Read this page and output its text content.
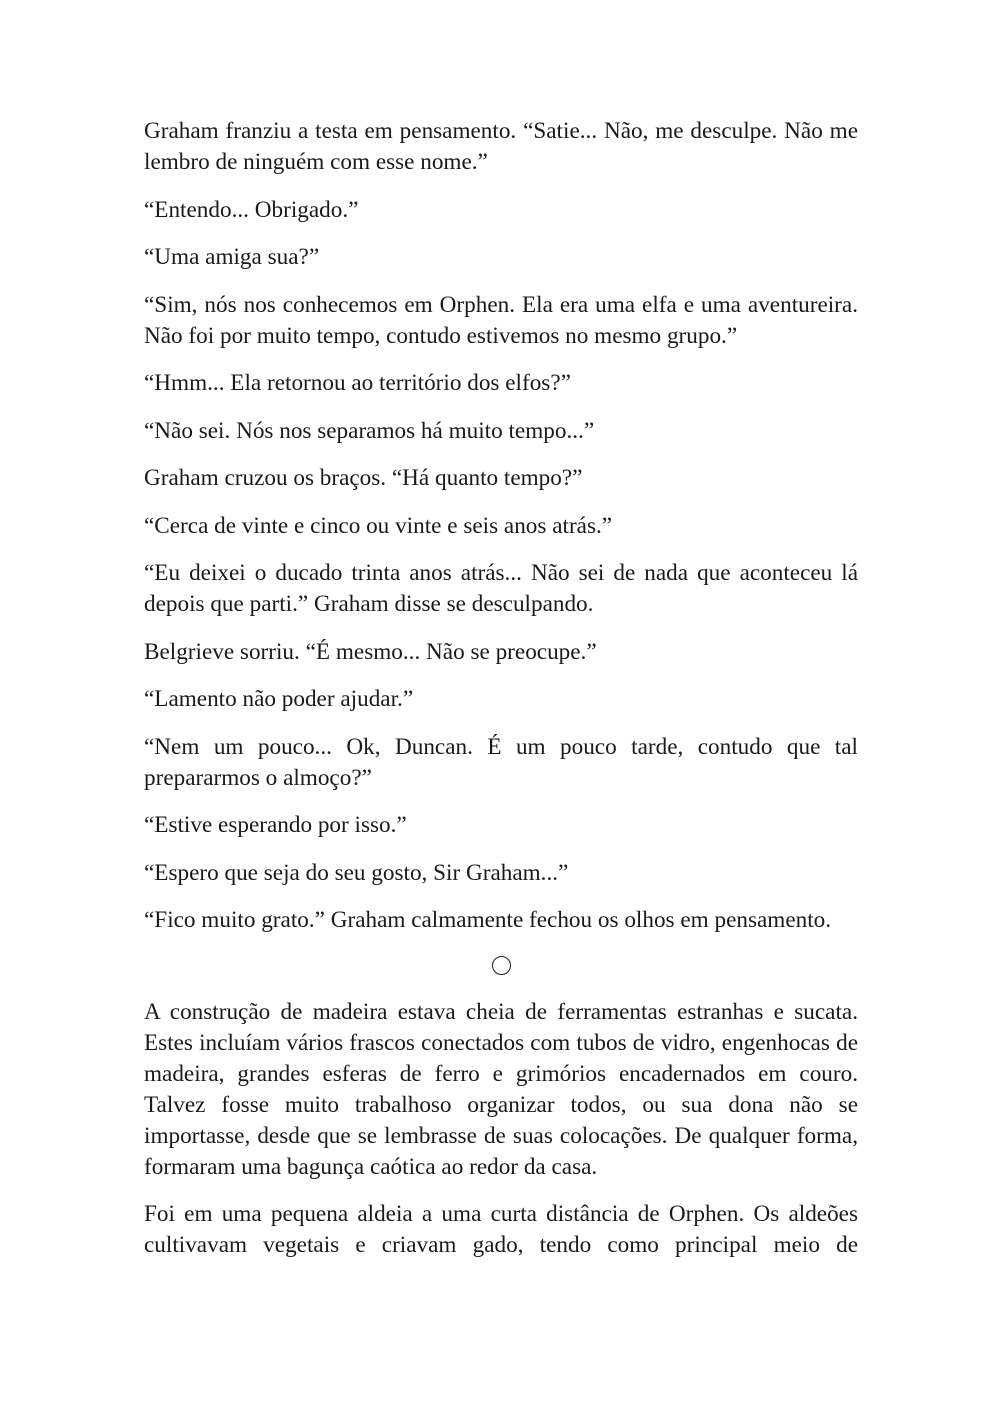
Graham franziu a testa em pensamento. “Satie... Não, me desculpe. Não me lembro de ninguém com esse nome.”

“Entendo... Obrigado.”

“Uma amiga sua?”

“Sim, nós nos conhecemos em Orphen. Ela era uma elfa e uma aventureira. Não foi por muito tempo, contudo estivemos no mesmo grupo.”

“Hmm... Ela retornou ao território dos elfos?”

“Não sei. Nós nos separamos há muito tempo...”

Graham cruzou os braços. “Há quanto tempo?”

“Cerca de vinte e cinco ou vinte e seis anos atrás.”

“Eu deixei o ducado trinta anos atrás... Não sei de nada que aconteceu lá depois que parti.” Graham disse se desculpando.

Belgrieve sorriu. “É mesmo... Não se preocupe.”

“Lamento não poder ajudar.”

“Nem um pouco... Ok, Duncan. É um pouco tarde, contudo que tal prepararmos o almoço?”

“Estive esperando por isso.”

“Espero que seja do seu gosto, Sir Graham...”

“Fico muito grato.” Graham calmamente fechou os olhos em pensamento.

A construção de madeira estava cheia de ferramentas estranhas e sucata. Estes incluíam vários frascos conectados com tubos de vidro, engenhocas de madeira, grandes esferas de ferro e grimórios encadernados em couro. Talvez fosse muito trabalhoso organizar todos, ou sua dona não se importasse, desde que se lembrasse de suas colocações. De qualquer forma, formaram uma bagunça caótica ao redor da casa.

Foi em uma pequena aldeia a uma curta distância de Orphen. Os aldeões cultivavam vegetais e criavam gado, tendo como principal meio de
